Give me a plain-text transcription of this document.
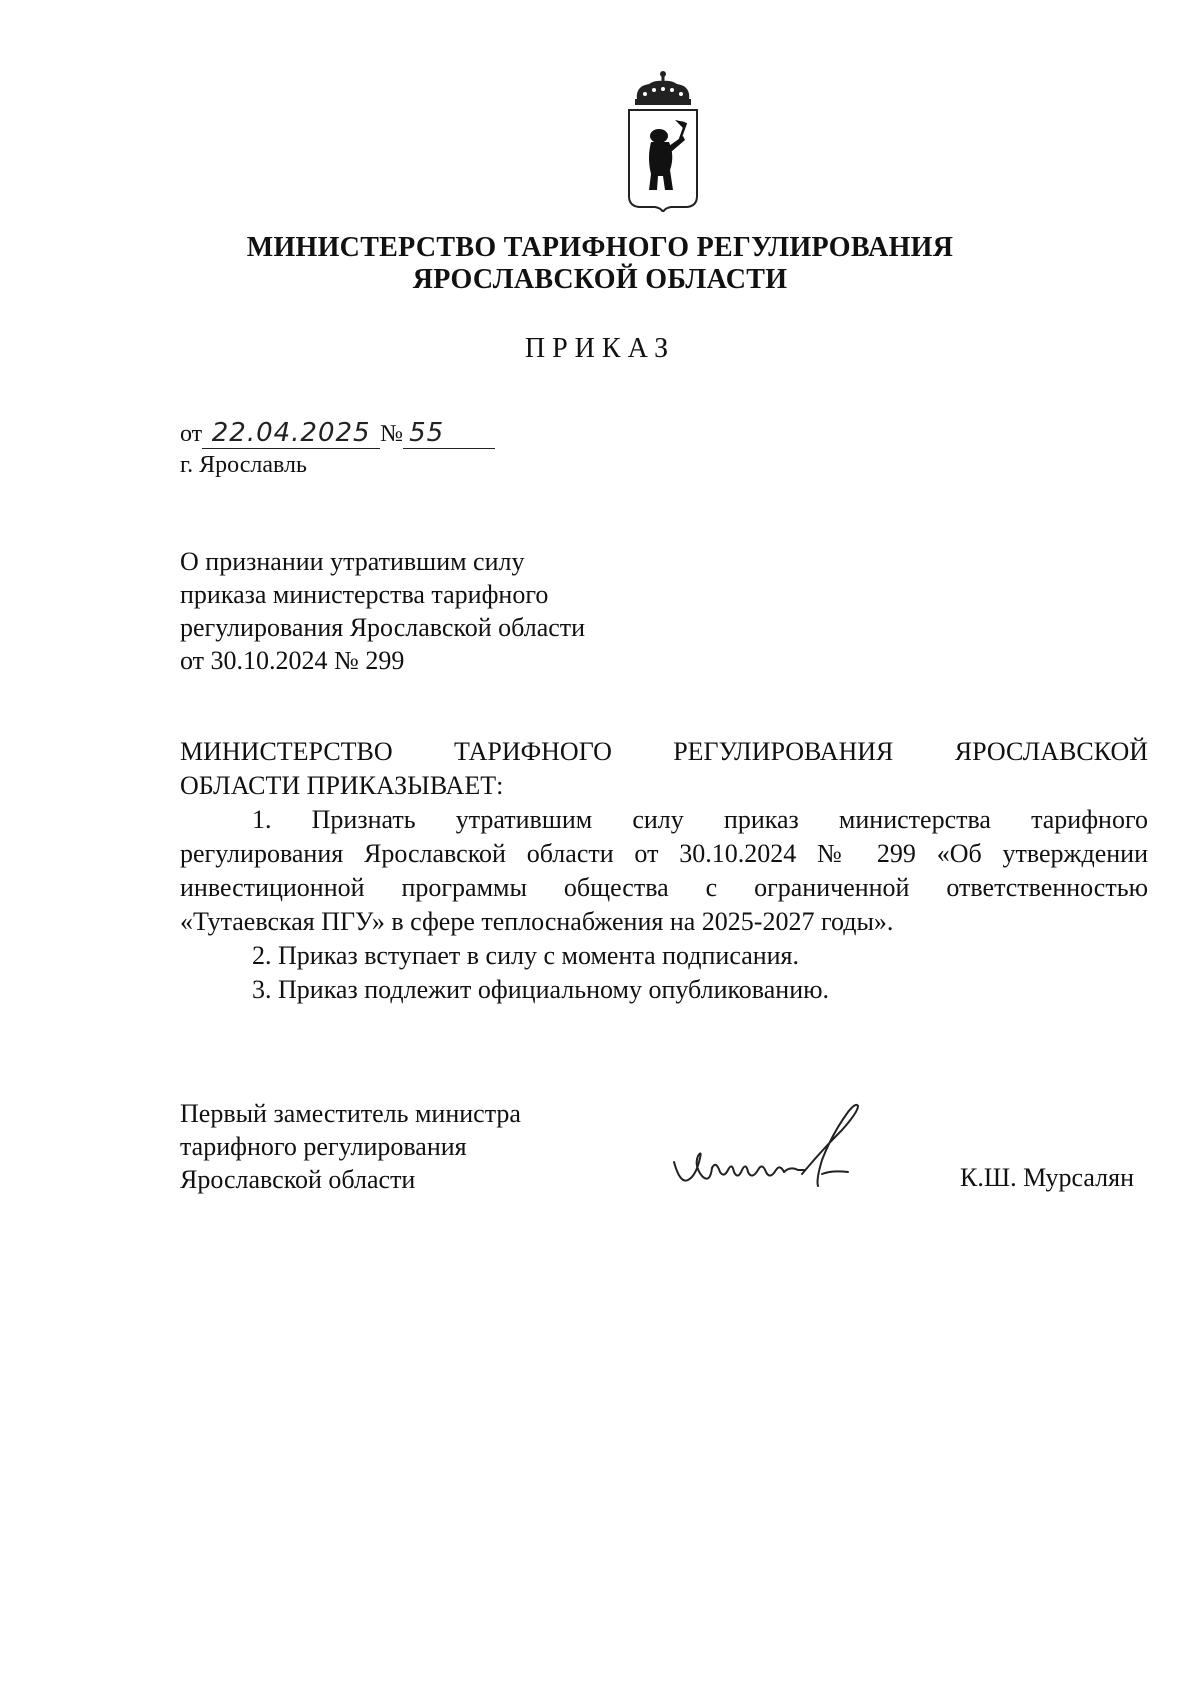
МИНИСТЕРСТВО ТАРИФНОГО РЕГУЛИРОВАНИЯ
ЯРОСЛАВСКОЙ ОБЛАСТИ
ПРИКАЗ
от 22.04.2025 № 55
г. Ярославль
О признании утратившим силу
приказа министерства тарифного
регулирования Ярославской области
от 30.10.2024 № 299
МИНИСТЕРСТВО ТАРИФНОГО РЕГУЛИРОВАНИЯ ЯРОСЛАВСКОЙ
ОБЛАСТИ ПРИКАЗЫВАЕТ:
1. Признать утратившим силу приказ министерства тарифного
регулирования Ярославской области от 30.10.2024 № 299 «Об утверждении
инвестиционной программы общества с ограниченной ответственностью
«Тутаевская ПГУ» в сфере теплоснабжения на 2025-2027 годы».
2. Приказ вступает в силу с момента подписания.
3. Приказ подлежит официальному опубликованию.
Первый заместитель министра
тарифного регулирования
Ярославской области	К.Ш. Мурсалян
